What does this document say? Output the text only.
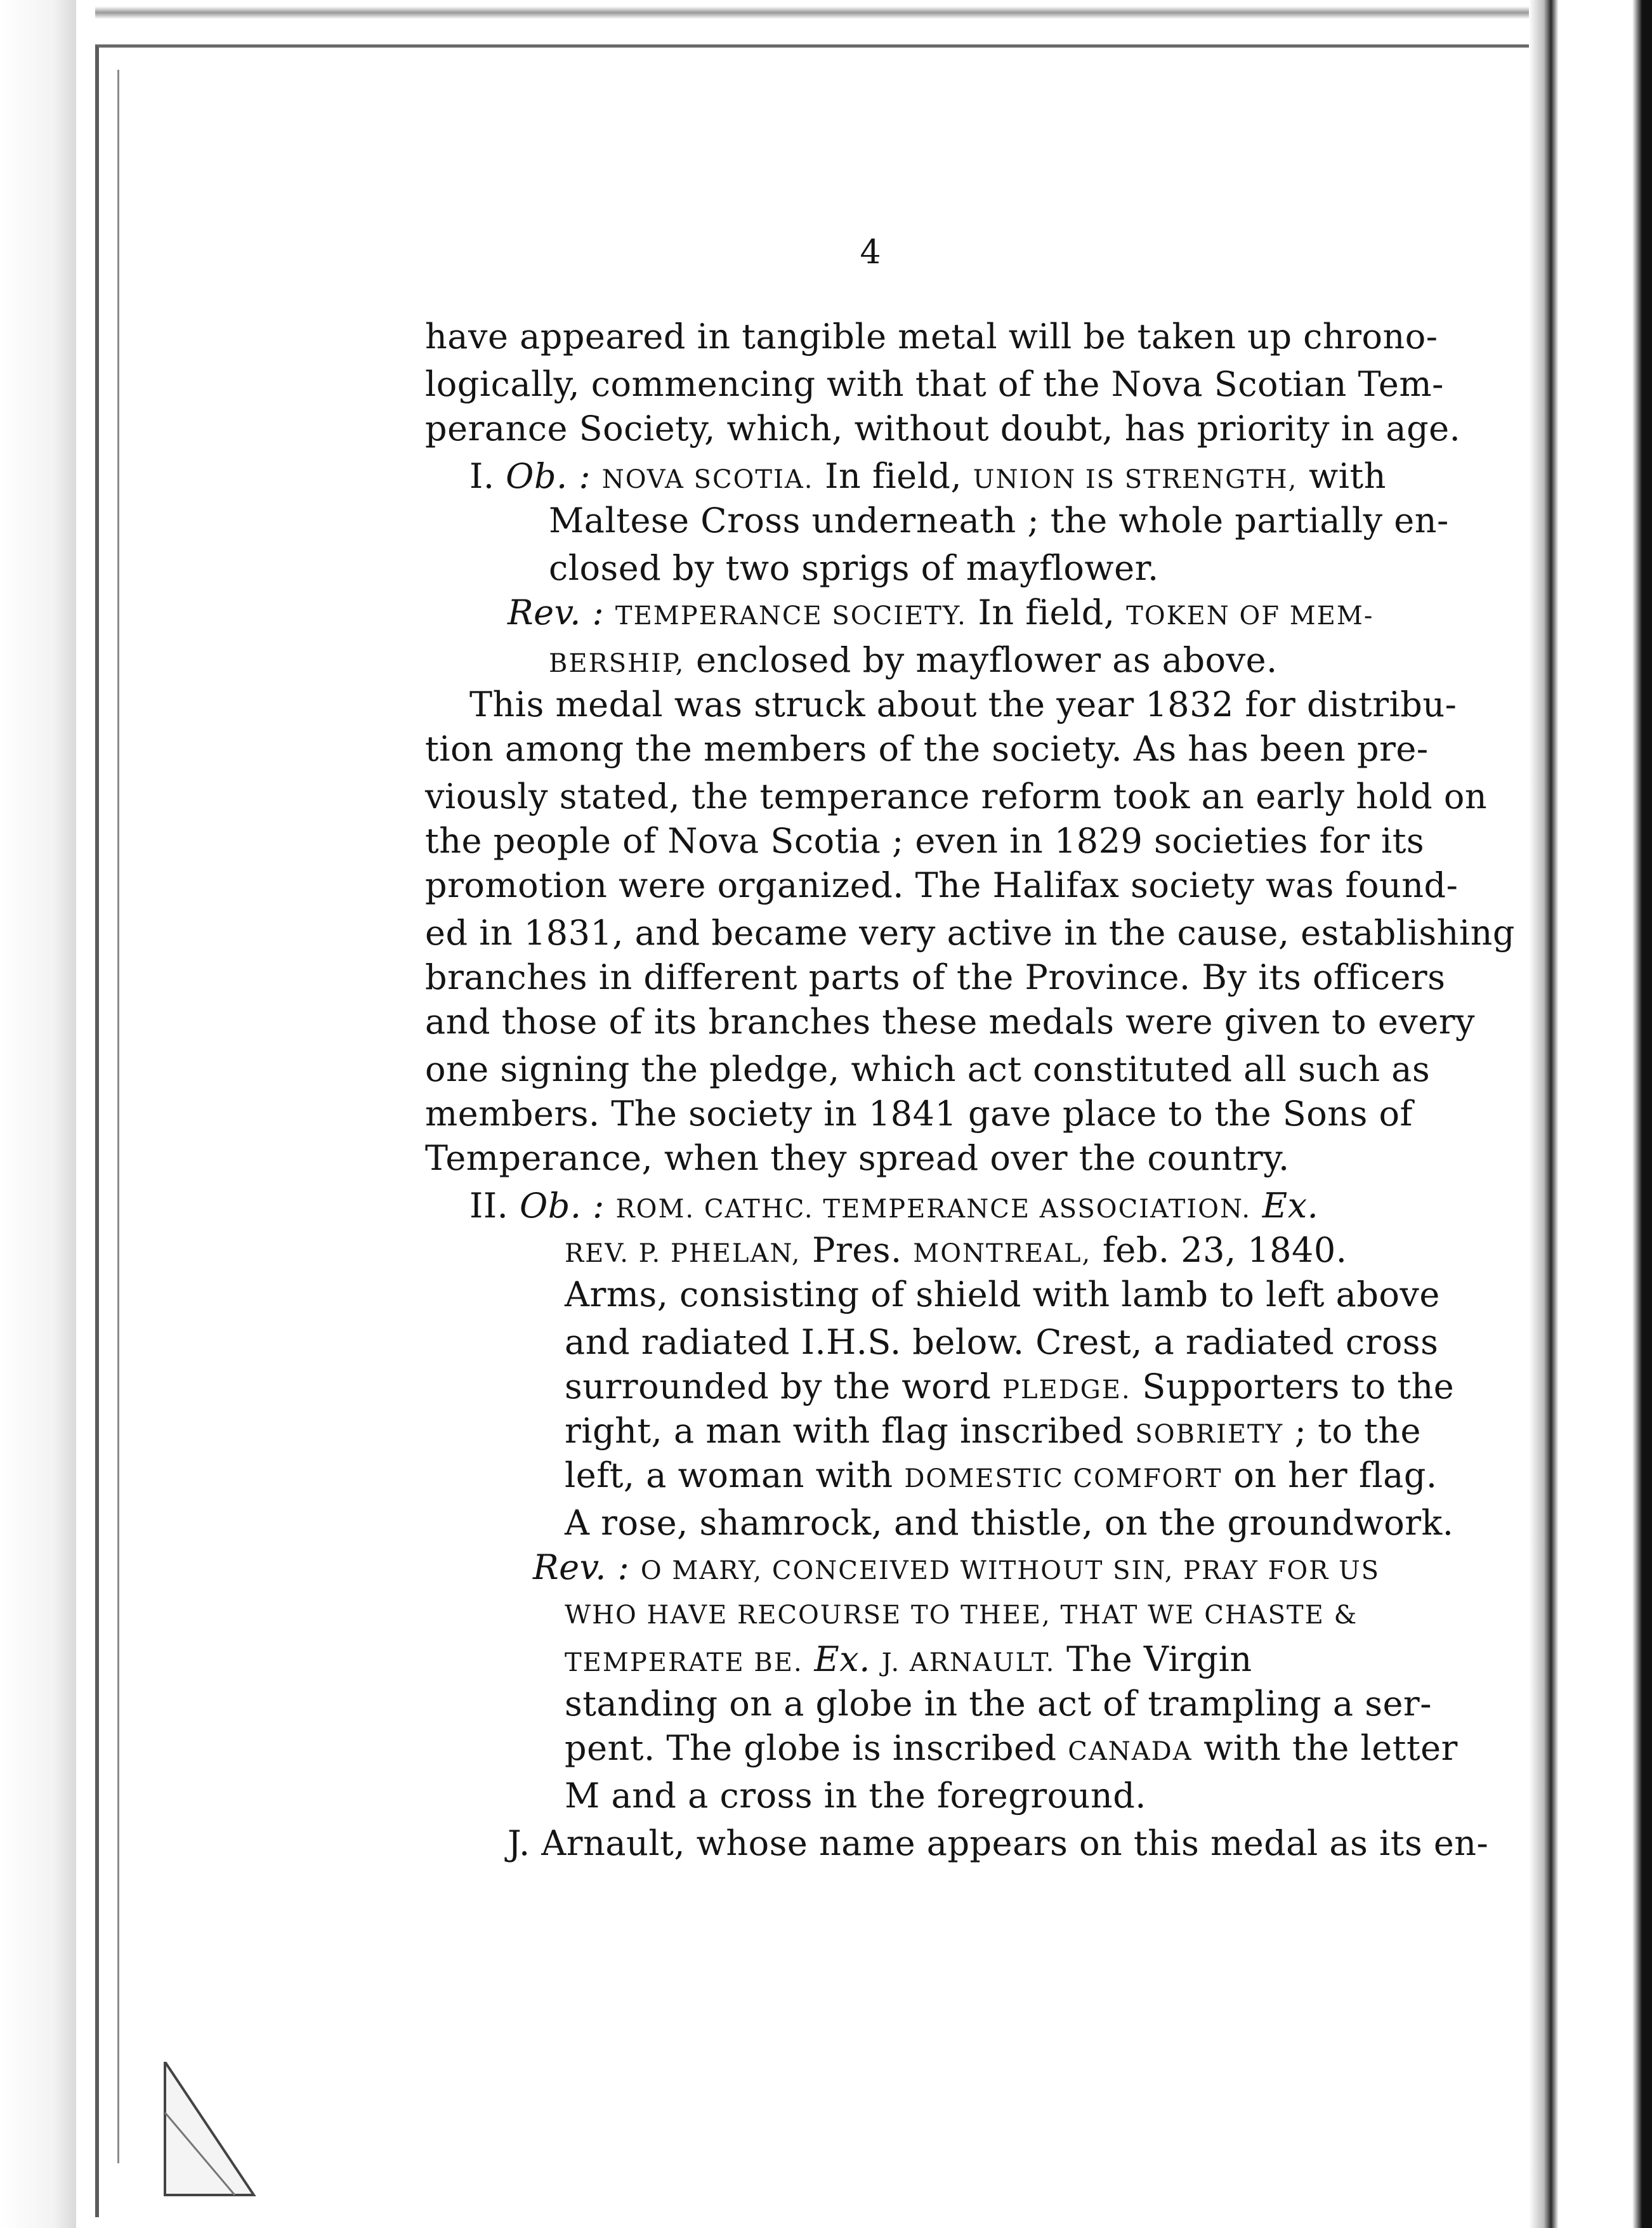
4
have appeared in tangible metal will be taken up chrono-
logically, commencing with that of the Nova Scotian Tem-
perance Society, which, without doubt, has priority in age.
I. Ob. : NOVA SCOTIA. In field, UNION IS STRENGTH, with
Maltese Cross underneath ; the whole partially en-
closed by two sprigs of mayflower.
Rev. : TEMPERANCE SOCIETY. In field, TOKEN OF MEM-
BERSHIP, enclosed by mayflower as above.
This medal was struck about the year 1832 for distribu-
tion among the members of the society. As has been pre-
viously stated, the temperance reform took an early hold on
the people of Nova Scotia ; even in 1829 societies for its
promotion were organized. The Halifax society was found-
ed in 1831, and became very active in the cause, establishing
branches in different parts of the Province. By its officers
and those of its branches these medals were given to every
one signing the pledge, which act constituted all such as
members. The society in 1841 gave place to the Sons of
Temperance, when they spread over the country.
II. Ob. : ROM. CATHC. TEMPERANCE ASSOCIATION. Ex.
REV. P. PHELAN, Pres. MONTREAL, feb. 23, 1840.
Arms, consisting of shield with lamb to left above
and radiated I.H.S. below. Crest, a radiated cross
surrounded by the word PLEDGE. Supporters to the
right, a man with flag inscribed SOBRIETY ; to the
left, a woman with DOMESTIC COMFORT on her flag.
A rose, shamrock, and thistle, on the groundwork.
Rev. : O MARY, CONCEIVED WITHOUT SIN, PRAY FOR US
WHO HAVE RECOURSE TO THEE, THAT WE CHASTE &
TEMPERATE BE. Ex. J. ARNAULT. The Virgin
standing on a globe in the act of trampling a ser-
pent. The globe is inscribed CANADA with the letter
M and a cross in the foreground.
J. Arnault, whose name appears on this medal as its en-
